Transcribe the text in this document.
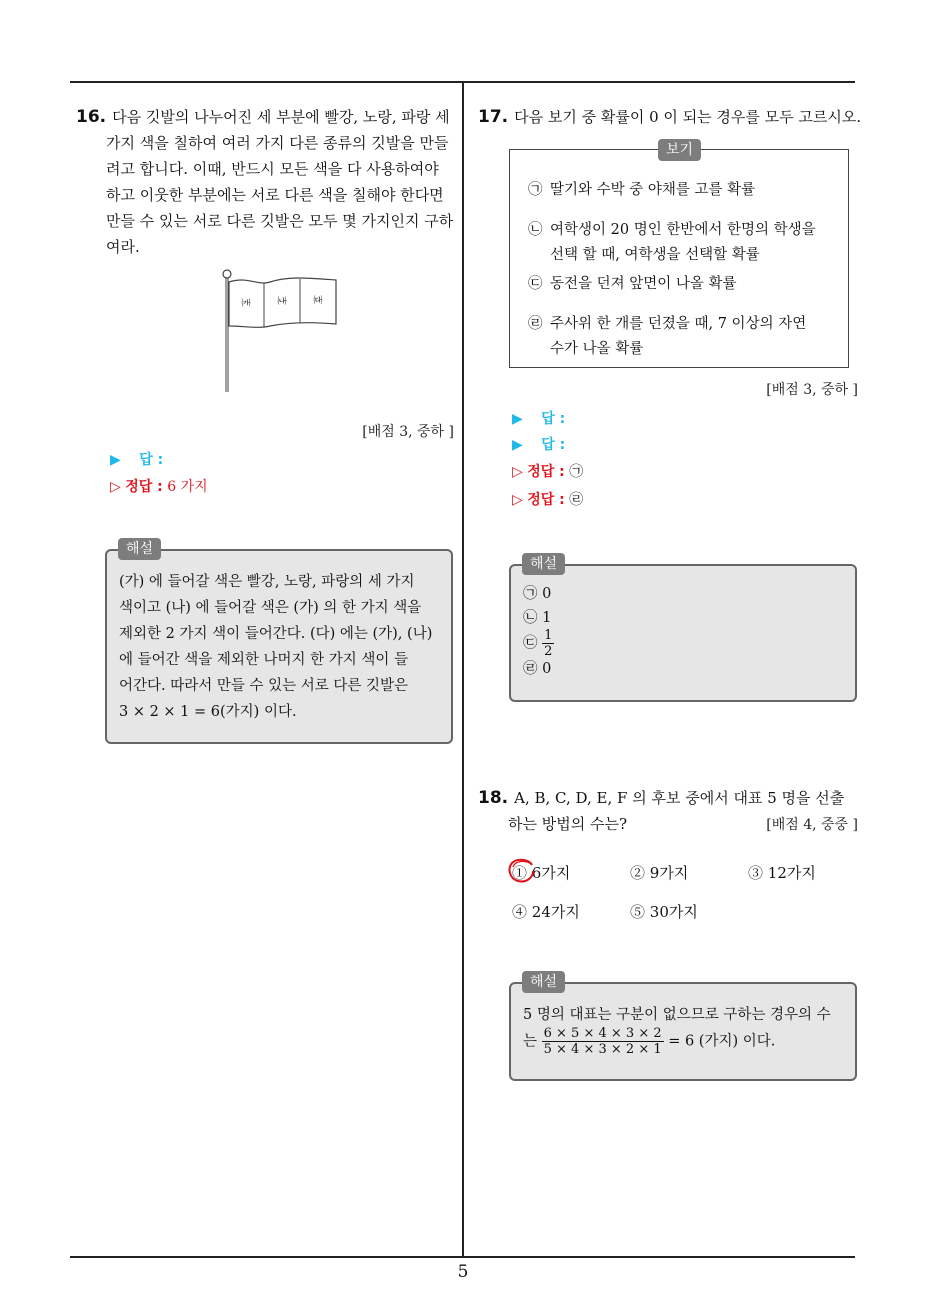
16. 다음 깃발의 나누어진 세 부분에 빨강, 노랑, 파랑 세
가지 색을 칠하여 여러 가지 다른 종류의 깃발을 만들
려고 합니다. 이때, 반드시 모든 색을 다 사용하여야
하고 이웃한 부분에는 서로 다른 색을 칠해야 한다면
만들 수 있는 서로 다른 깃발은 모두 몇 가지인지 구하
여라.
㈎	㈏	㈐
[배점 3, 중하 ]
▶ 답 :
▷ 정답 : 6 가지
(가) 에 들어갈 색은 빨강, 노랑, 파랑의 세 가지
색이고 (나) 에 들어갈 색은 (가) 의 한 가지 색을
제외한 2 가지 색이 들어간다. (다) 에는 (가), (나)
에 들어간 색을 제외한 나머지 한 가지 색이 들
어간다. 따라서 만들 수 있는 서로 다른 깃발은
3 × 2 × 1 = 6(가지) 이다.
해설
17. 다음 보기 중 확률이 0 이 되는 경우를 모두 고르시오.
㉠ 딸기와 수박 중 야채를 고를 확률
㉡ 여학생이 20 명인 한반에서 한명의 학생을
선택 할 때, 여학생을 선택할 확률
㉢ 동전을 던져 앞면이 나올 확률
㉣ 주사위 한 개를 던졌을 때, 7 이상의 자연
수가 나올 확률
보기
[배점 3, 중하 ]
▶ 답 :
▶ 답 :
▷ 정답 : ㉠
▷ 정답 : ㉣
㉠ 0
㉡ 1
㉢ $\frac{1}{2}$
㉣ 0
해설
18. A, B, C, D, E, F 의 후보 중에서 대표 5 명을 선출
하는 방법의 수는?	[배점 4, 중중 ]
① 6가지	② 9가지	③ 12가지
④ 24가지	⑤ 30가지
5 명의 대표는 구분이 없으므로 구하는 경우의 수
는 $\frac{6 \times 5 \times 4 \times 3 \times 2}{5 \times 4 \times 3 \times 2 \times 1} = 6$ (가지) 이다.
해설
5
